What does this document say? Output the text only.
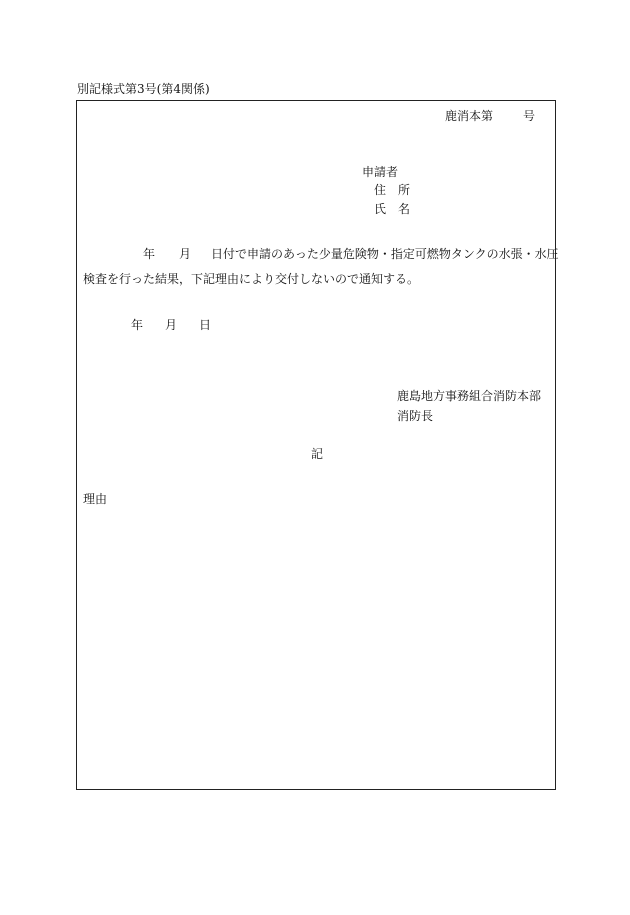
別記様式第3号(第4関係)
鹿消本第	号
申請者
住 所
氏 名
年 月 日付で申請のあった少量危険物・指定可燃物タンクの水張・水圧
検査を行った結果，下記理由により交付しないので通知する。
年 月 日
鹿島地方事務組合消防本部
消防長
記
理由
